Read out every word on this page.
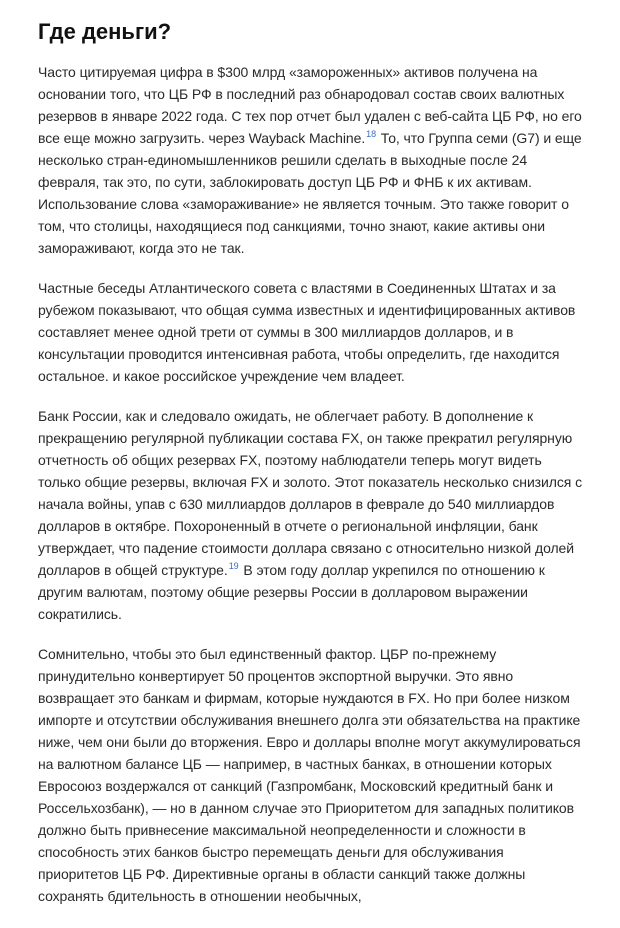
Где деньги?

Часто цитируемая цифра в $300 млрд «замороженных» активов получена на основании того, что ЦБ РФ в последний раз обнародовал состав своих валютных резервов в январе 2022 года. С тех пор отчет был удален с веб-сайта ЦБ РФ, но его все еще можно загрузить. через Wayback Machine.$^{18}$ То, что Группа семи (G7) и еще несколько стран-единомышленников решили сделать в выходные после 24 февраля, так это, по сути, заблокировать доступ ЦБ РФ и ФНБ к их активам. Использование слова «замораживание» не является точным. Это также говорит о том, что столицы, находящиеся под санкциями, точно знают, какие активы они замораживают, когда это не так.

Частные беседы Атлантического совета с властями в Соединенных Штатах и за рубежом показывают, что общая сумма известных и идентифицированных активов составляет менее одной трети от суммы в 300 миллиардов долларов, и в консультации проводится интенсивная работа, чтобы определить, где находится остальное. и какое российское учреждение чем владеет.

Банк России, как и следовало ожидать, не облегчает работу. В дополнение к прекращению регулярной публикации состава FX, он также прекратил регулярную отчетность об общих резервах FX, поэтому наблюдатели теперь могут видеть только общие резервы, включая FX и золото. Этот показатель несколько снизился с начала войны, упав с 630 миллиардов долларов в феврале до 540 миллиардов долларов в октябре. Похороненный в отчете о региональной инфляции, банк утверждает, что падение стоимости доллара связано с относительно низкой долей долларов в общей структуре.$^{19}$ В этом году доллар укрепился по отношению к другим валютам, поэтому общие резервы России в долларовом выражении сократились.

Сомнительно, чтобы это был единственный фактор. ЦБР по-прежнему принудительно конвертирует 50 процентов экспортной выручки. Это явно возвращает это банкам и фирмам, которые нуждаются в FX. Но при более низком импорте и отсутствии обслуживания внешнего долга эти обязательства на практике ниже, чем они были до вторжения. Евро и доллары вполне могут аккумулироваться на валютном балансе ЦБ — например, в частных банках, в отношении которых Евросоюз воздержался от санкций (Газпромбанк, Московский кредитный банк и Россельхозбанк), — но в данном случае это Приоритетом для западных политиков должно быть привнесение максимальной неопределенности и сложности в способность этих банков быстро перемещать деньги для обслуживания приоритетов ЦБ РФ. Директивные органы в области санкций также должны сохранять бдительность в отношении необычных,
